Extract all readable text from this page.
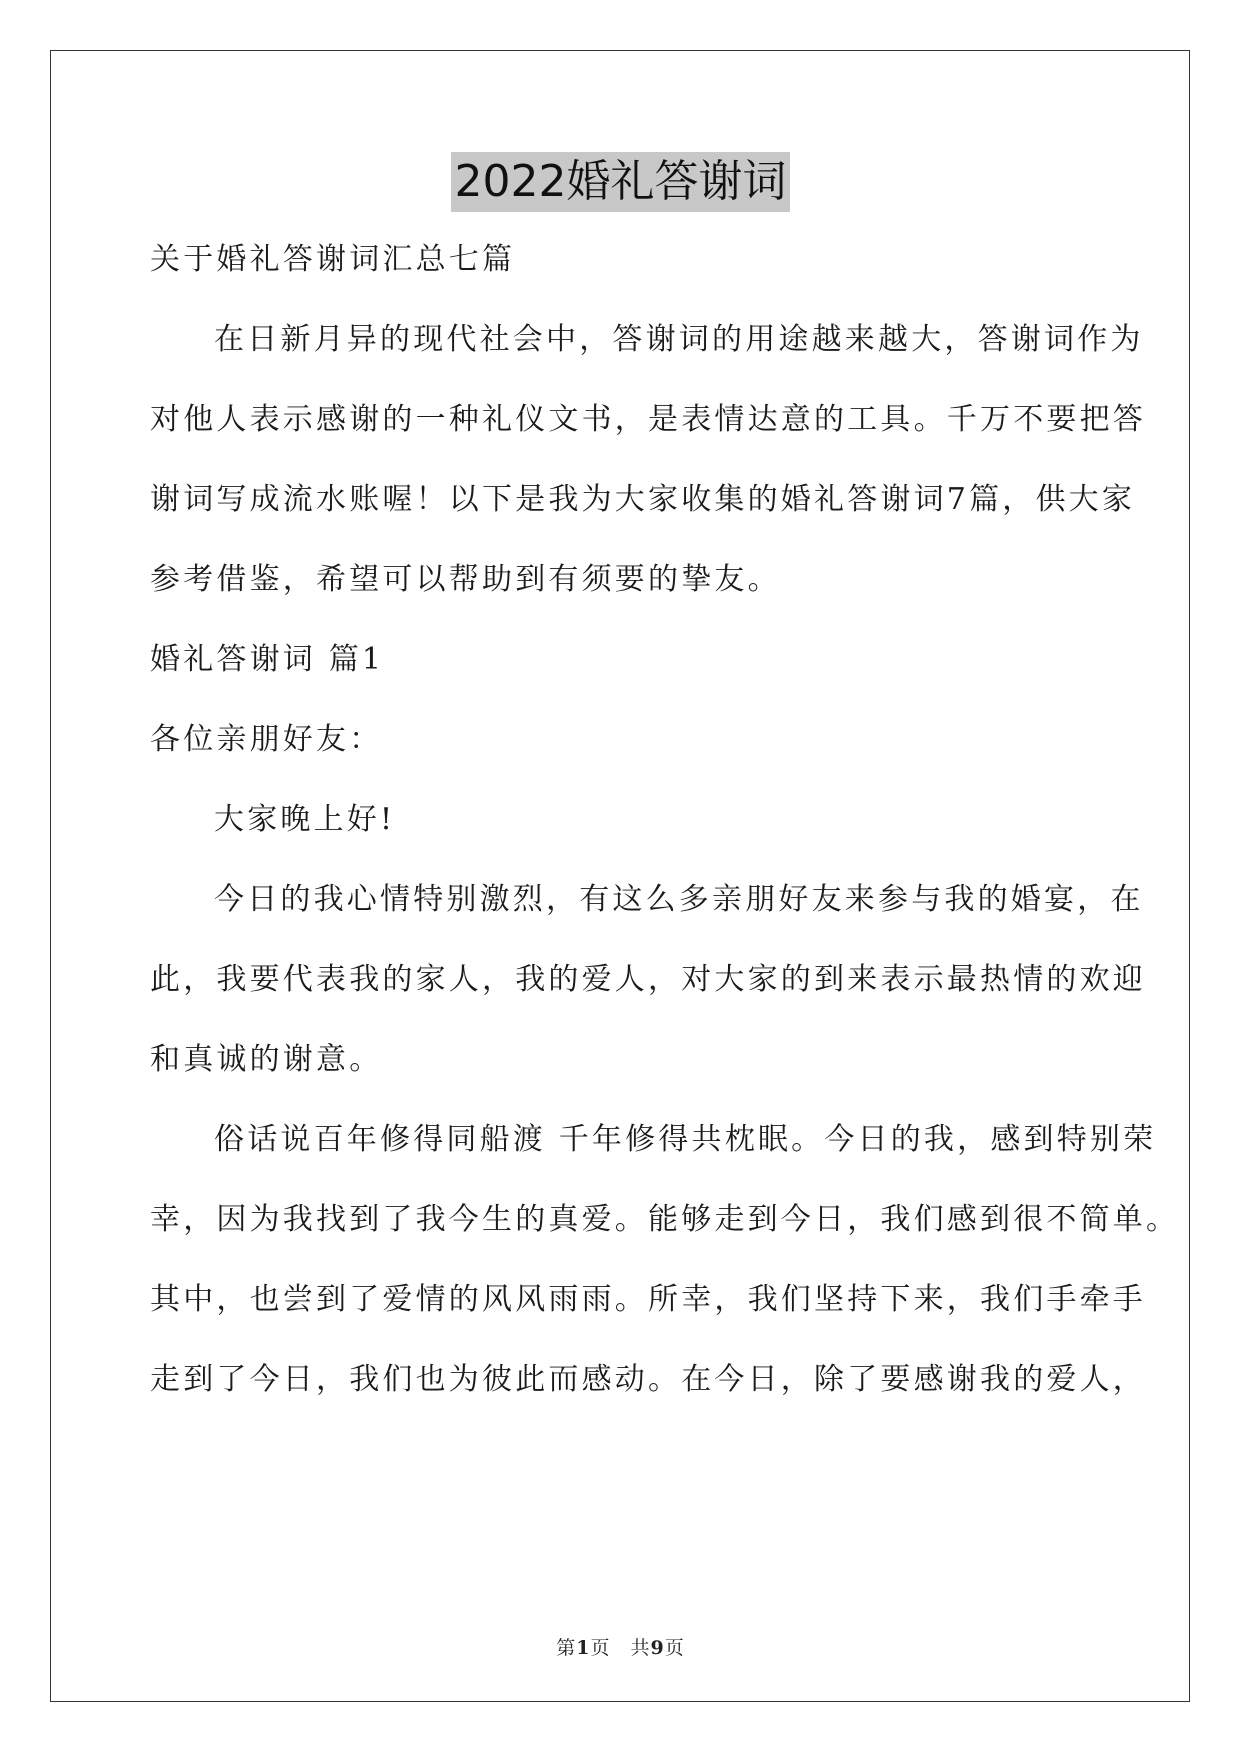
2022婚礼答谢词
关于婚礼答谢词汇总七篇
在日新月异的现代社会中，答谢词的用途越来越大，答谢词作为
对他人表示感谢的一种礼仪文书，是表情达意的工具。千万不要把答
谢词写成流水账喔！以下是我为大家收集的婚礼答谢词7篇，供大家
参考借鉴，希望可以帮助到有须要的挚友。
婚礼答谢词 篇1
各位亲朋好友：
大家晚上好!
今日的我心情特别激烈，有这么多亲朋好友来参与我的婚宴，在
此，我要代表我的家人，我的爱人，对大家的到来表示最热情的欢迎
和真诚的谢意。
俗话说百年修得同船渡 千年修得共枕眠。今日的我，感到特别荣
幸，因为我找到了我今生的真爱。能够走到今日，我们感到很不简单。
其中，也尝到了爱情的风风雨雨。所幸，我们坚持下来，我们手牵手
走到了今日，我们也为彼此而感动。在今日，除了要感谢我的爱人，
第1页　共9页
